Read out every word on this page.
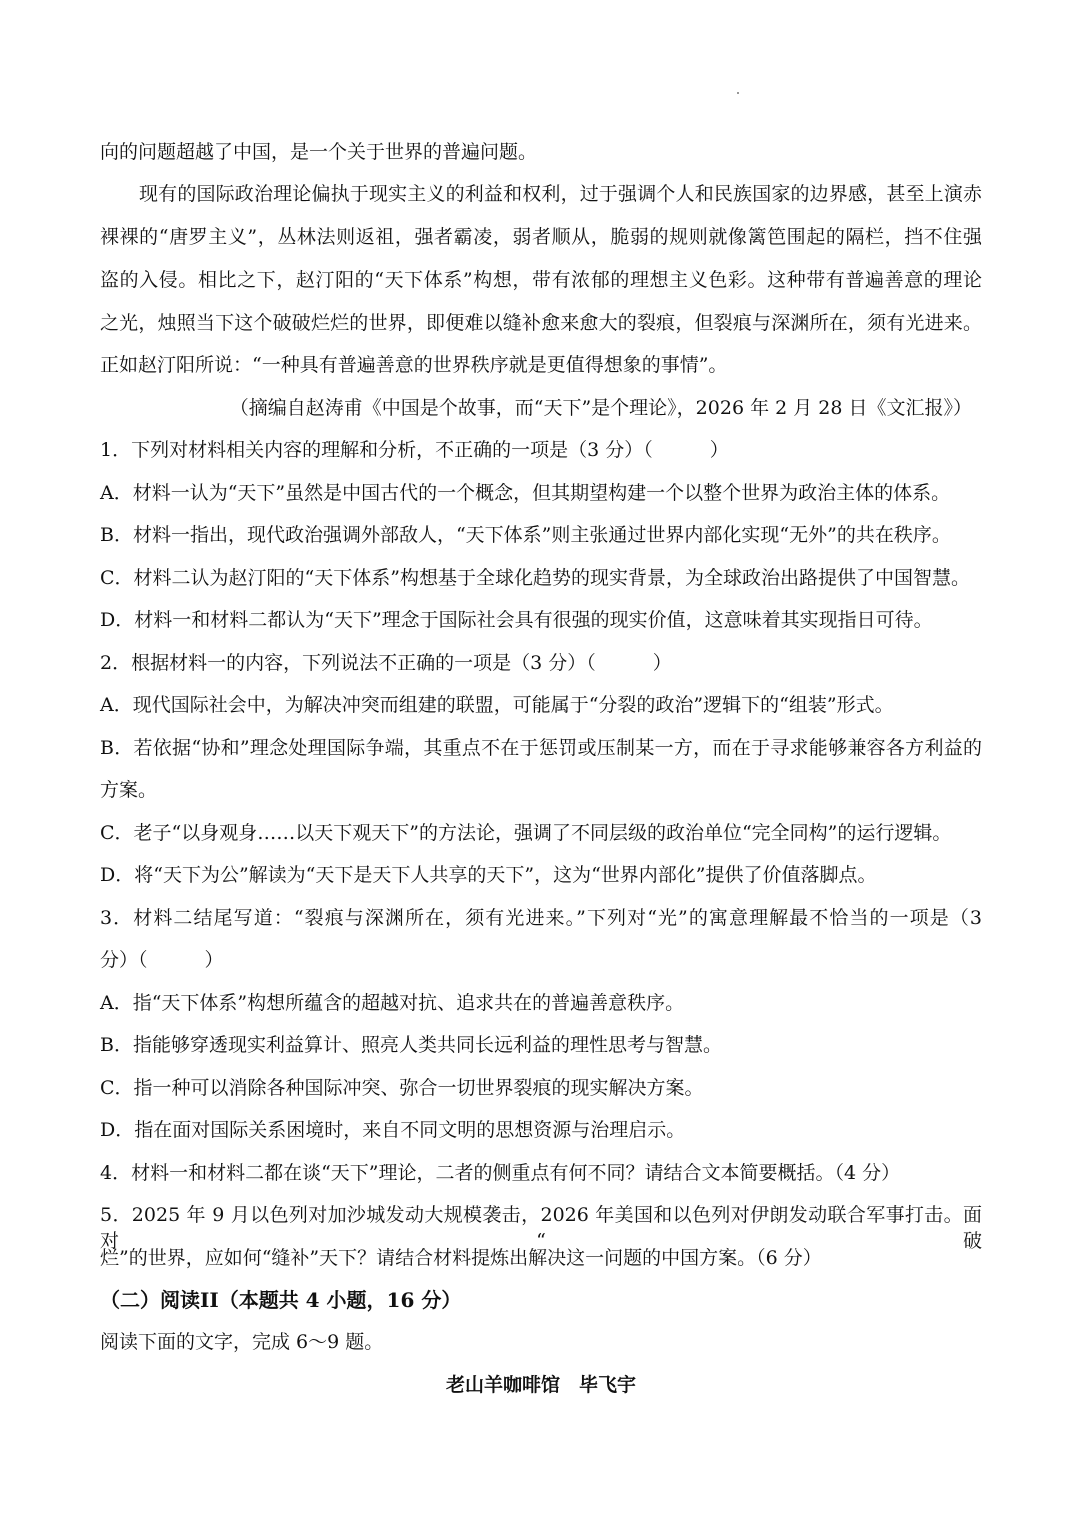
向的问题超越了中国，是一个关于世界的普遍问题。
现有的国际政治理论偏执于现实主义的利益和权利，过于强调个人和民族国家的边界感，甚至上演赤
裸裸的“唐罗主义”，丛林法则返祖，强者霸凌，弱者顺从，脆弱的规则就像篱笆围起的隔栏，挡不住强
盗的入侵。相比之下，赵汀阳的“天下体系”构想，带有浓郁的理想主义色彩。这种带有普遍善意的理论
之光，烛照当下这个破破烂烂的世界，即便难以缝补愈来愈大的裂痕，但裂痕与深渊所在，须有光进来。
正如赵汀阳所说：“一种具有普遍善意的世界秩序就是更值得想象的事情”。
（摘编自赵涛甫《中国是个故事，而“天下”是个理论》，2026 年 2 月 28 日《文汇报》）
1．下列对材料相关内容的理解和分析，不正确的一项是（3 分）（　　　）
A．材料一认为“天下”虽然是中国古代的一个概念，但其期望构建一个以整个世界为政治主体的体系。
B．材料一指出，现代政治强调外部敌人，“天下体系”则主张通过世界内部化实现“无外”的共在秩序。
C．材料二认为赵汀阳的“天下体系”构想基于全球化趋势的现实背景，为全球政治出路提供了中国智慧。
D．材料一和材料二都认为“天下”理念于国际社会具有很强的现实价值，这意味着其实现指日可待。
2．根据材料一的内容，下列说法不正确的一项是（3 分）（　　　）
A．现代国际社会中，为解决冲突而组建的联盟，可能属于“分裂的政治”逻辑下的“组装”形式。
B．若依据“协和”理念处理国际争端，其重点不在于惩罚或压制某一方，而在于寻求能够兼容各方利益的
方案。
C．老子“以身观身……以天下观天下”的方法论，强调了不同层级的政治单位“完全同构”的运行逻辑。
D．将“天下为公”解读为“天下是天下人共享的天下”，这为“世界内部化”提供了价值落脚点。
3．材料二结尾写道：“裂痕与深渊所在，须有光进来。”下列对“光”的寓意理解最不恰当的一项是（3
分）（　　　）
A．指“天下体系”构想所蕴含的超越对抗、追求共在的普遍善意秩序。
B．指能够穿透现实利益算计、照亮人类共同长远利益的理性思考与智慧。
C．指一种可以消除各种国际冲突、弥合一切世界裂痕的现实解决方案。
D．指在面对国际关系困境时，来自不同文明的思想资源与治理启示。
4．材料一和材料二都在谈“天下”理论，二者的侧重点有何不同？请结合文本简要概括。（4 分）
5．2025 年 9 月以色列对加沙城发动大规模袭击，2026 年美国和以色列对伊朗发动联合军事打击。面对“破
烂”的世界，应如何“缝补”天下？请结合材料提炼出解决这一问题的中国方案。（6 分）
（二）阅读II（本题共 4 小题，16 分）
阅读下面的文字，完成 6～9 题。
老山羊咖啡馆　毕飞宇
